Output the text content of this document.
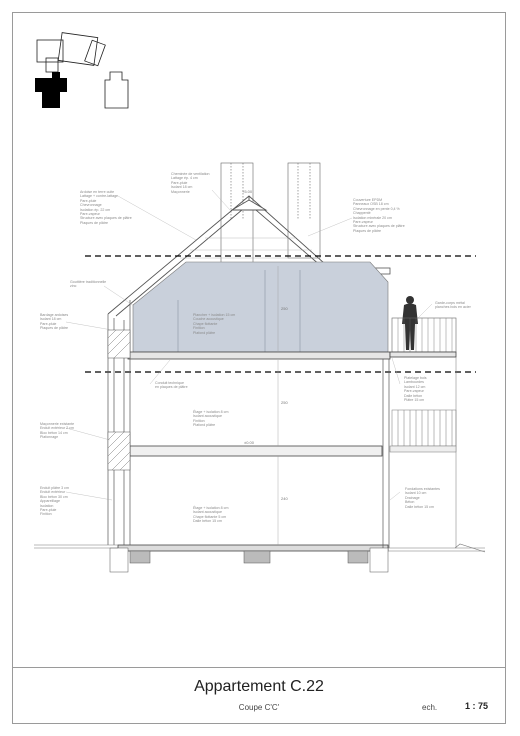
Appartement C.22
Coupe C'C'	ech.	1 : 75
Cheminée de ventilation
Lattage ép. 4 cm
Pare-pluie
Isolant 18 cm
Maçonnerie
Ardoise en terre cuite
Lattage + contre-lattage
Pare-pluie
Chevronnage
Isolation ép. 22 cm
Pare-vapeur
Structure avec plaques de plâtre
Plaques de plâtre
Couverture EPDM
Panneaux OSB 18 cm
Chevronnage en pente 0,4 %
Chappenté
Isolation minérale 20 cm
Pare-vapeur
Structure avec plaques de plâtre
Plaques de plâtre
Gouttière traditionnelle
zinc
Bardage ardoises
Isolant 18 cm
Pare-pluie
Plaques de plâtre
Plancher + isolation 15 cm
Couche acoustique
Chape flottante
Finition
Plafond plâtre
Garde-corps métal
planches bois en acier
Conduit technique
en plaques de plâtre
Platelage bois
Lambourdes
Isolant 12 cm
Pare-vapeur
Dalle béton
Plâtre 15 cm
Étage + isolation 8 cm
Isolant acoustique
Finition
Plafond plâtre
Maçonnerie existante
Enduit extérieur 2 cm
Bloc béton 14 cm
Plafonnage
Enduit plâtre 3 cm
Enduit extérieur
Bloc béton 30 cm
Appareillage
Isolation
Pare-pluie
Finition
Étage + isolation 8 cm
Isolant acoustique
Chape flottante 5 cm
Dalle béton 15 cm
Fondations existantes
Isolant 10 cm
Drainage
Béton
Dalle béton 15 cm
250
250
240
±0.00
+5.00
